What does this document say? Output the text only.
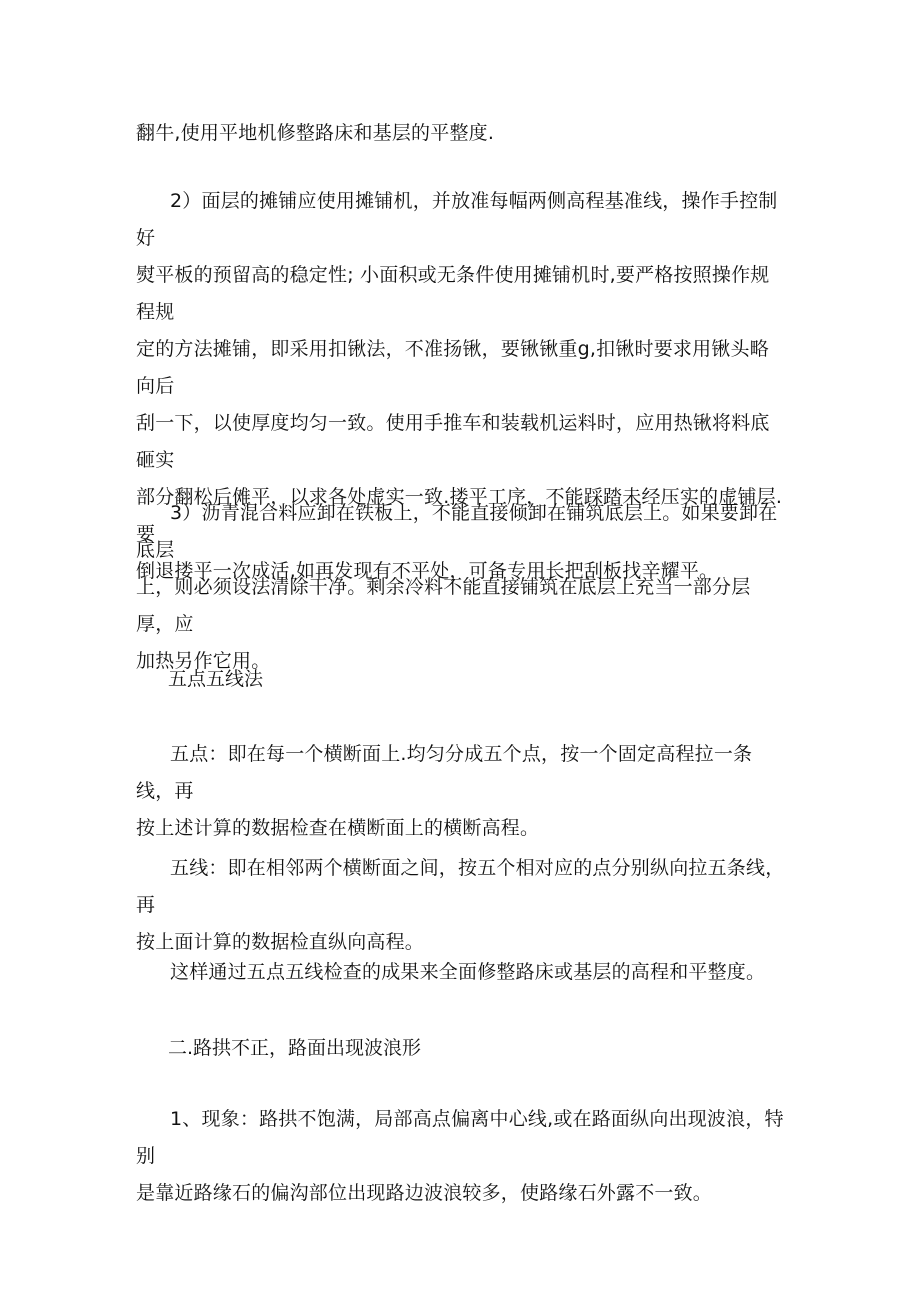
翻牛,使用平地机修整路床和基层的平整度.

2）面层的摊铺应使用摊铺机，并放准每幅两侧高程基准线，操作手控制好
熨平板的预留高的稳定性; 小面积或无条件使用摊铺机时,要严格按照操作规程规
定的方法摊铺，即采用扣锹法，不准扬锹，要锹锹重g,扣锹时要求用锹头略向后
刮一下，以使厚度均匀一致。使用手推车和装载机运料时，应用热锹将料底砸实
部分翻松后傩平，以求各处虚实一致.搂平工序，不能踩踏未经压实的虚铺层.要
倒退搂平一次成活,如再发现有不平处，可备专用长把刮板找辛耀平。

3）沥青混合料应卸在铁板上，不能直接倾卸在铺筑底层上。如果要卸在底层
上，则必须设法清除干净。剩余冷料不能直接铺筑在底层上充当一部分层厚，应
加热另作它用。

五点五线法

五点：即在每一个横断面上.均匀分成五个点，按一个固定高程拉一条线，再
按上述计算的数据检查在横断面上的横断高程。

五线：即在相邻两个横断面之间，按五个相对应的点分别纵向拉五条线，再
按上面计算的数据检直纵向高程。

这样通过五点五线检查的成果来全面修整路床或基层的高程和平整度。

二.路拱不正，路面出现波浪形

1、现象：路拱不饱满，局部高点偏离中心线,或在路面纵向出现波浪，特别
是靠近路缘石的偏沟部位出现路边波浪较多，使路缘石外露不一致。
